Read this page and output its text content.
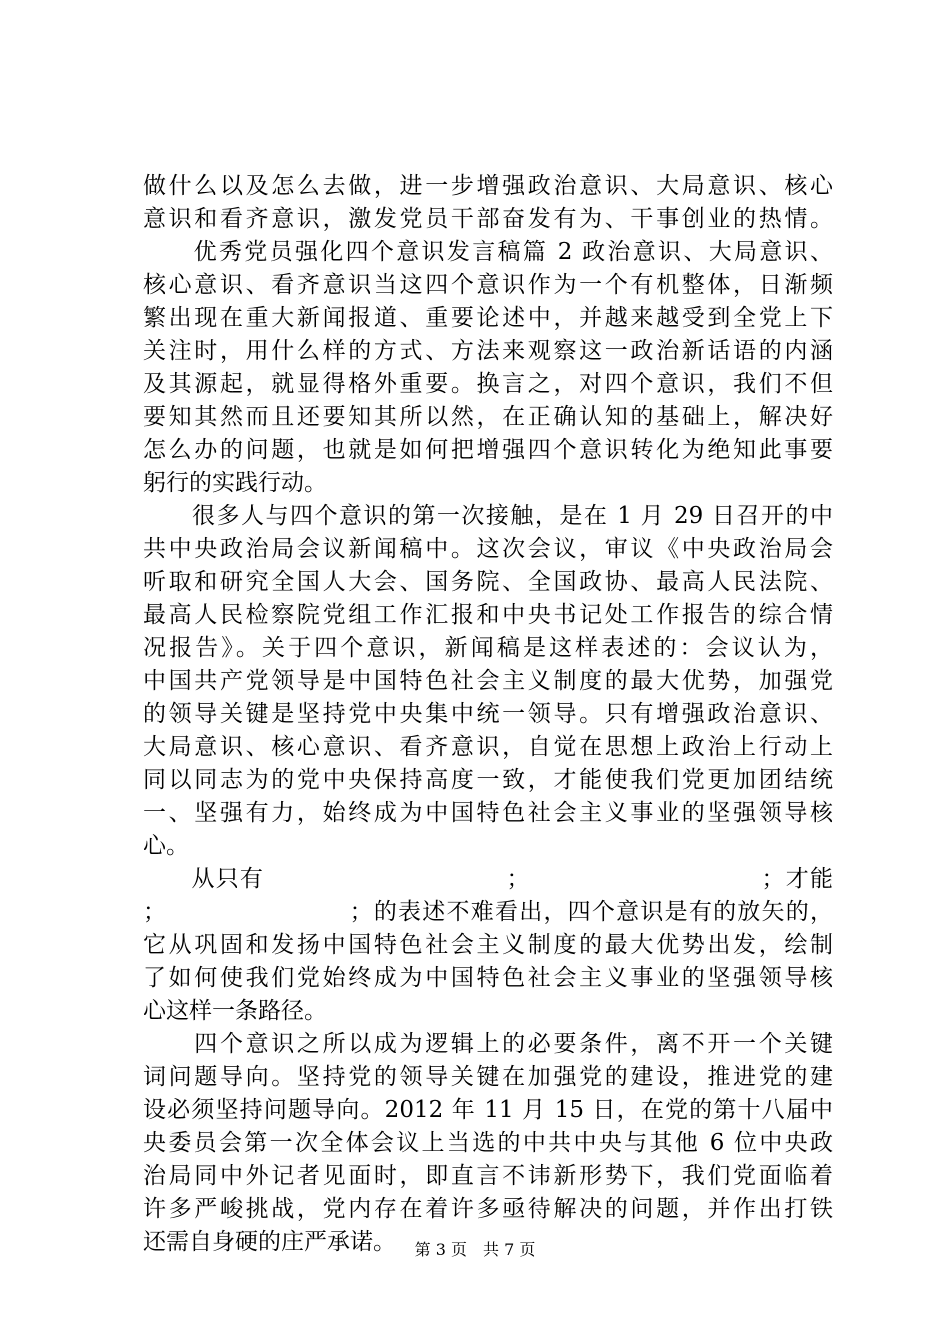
做什么以及怎么去做，进一步增强政治意识、大局意识、核心
意识和看齐意识，激发党员干部奋发有为、干事创业的热情。
　　优秀党员强化四个意识发言稿篇 2 政治意识、大局意识、
核心意识、看齐意识当这四个意识作为一个有机整体，日渐频
繁出现在重大新闻报道、重要论述中，并越来越受到全党上下
关注时，用什么样的方式、方法来观察这一政治新话语的内涵
及其源起，就显得格外重要。换言之，对四个意识，我们不但
要知其然而且还要知其所以然，在正确认知的基础上，解决好
怎么办的问题，也就是如何把增强四个意识转化为绝知此事要
躬行的实践行动。
　　很多人与四个意识的第一次接触，是在 1 月 29 日召开的中
共中央政治局会议新闻稿中。这次会议，审议《中央政治局会
听取和研究全国人大会、国务院、全国政协、最高人民法院、
最高人民检察院党组工作汇报和中央书记处工作报告的综合情
况报告》。关于四个意识，新闻稿是这样表述的：会议认为，
中国共产党领导是中国特色社会主义制度的最大优势，加强党
的领导关键是坚持党中央集中统一领导。只有增强政治意识、
大局意识、核心意识、看齐意识，自觉在思想上政治上行动上
同以同志为的党中央保持高度一致，才能使我们党更加团结统
一、坚强有力，始终成为中国特色社会主义事业的坚强领导核
心。
　　从只有　　　　　　　　　　；　　　　　　　　　　；才能
；　　　　　　　　；的表述不难看出，四个意识是有的放矢的，
它从巩固和发扬中国特色社会主义制度的最大优势出发，绘制
了如何使我们党始终成为中国特色社会主义事业的坚强领导核
心这样一条路径。
　　四个意识之所以成为逻辑上的必要条件，离不开一个关键
词问题导向。坚持党的领导关键在加强党的建设，推进党的建
设必须坚持问题导向。2012 年 11 月 15 日，在党的第十八届中
央委员会第一次全体会议上当选的中共中央与其他 6 位中央政
治局同中外记者见面时，即直言不讳新形势下，我们党面临着
许多严峻挑战，党内存在着许多亟待解决的问题，并作出打铁
还需自身硬的庄严承诺。	第 3 页　共 7 页
